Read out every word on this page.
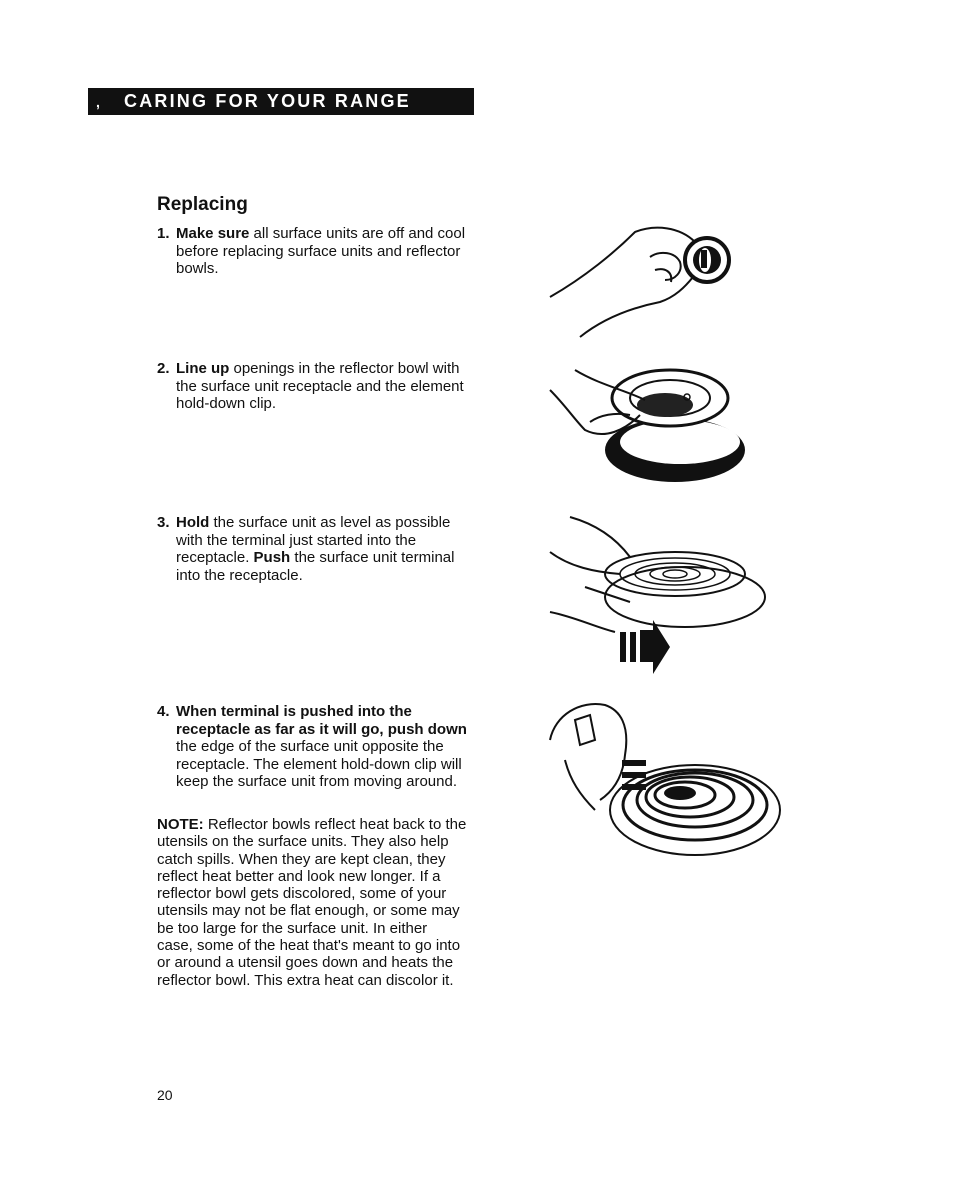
, CARING FOR YOUR RANGE
Replacing
1. Make sure all surface units are off and cool before replacing surface units and reflector bowls.
2. Line up openings in the reflector bowl with the surface unit receptacle and the element hold-down clip.
3. Hold the surface unit as level as possible with the terminal just started into the receptacle. Push the surface unit terminal into the receptacle.
4. When terminal is pushed into the receptacle as far as it will go, push down the edge of the surface unit opposite the receptacle. The element hold-down clip will keep the surface unit from moving around.
NOTE: Reflector bowls reflect heat back to the utensils on the surface units. They also help catch spills. When they are kept clean, they reflect heat better and look new longer. If a reflector bowl gets discolored, some of your utensils may not be flat enough, or some may be too large for the surface unit. In either case, some of the heat that's meant to go into or around a utensil goes down and heats the reflector bowl. This extra heat can discolor it.
20
